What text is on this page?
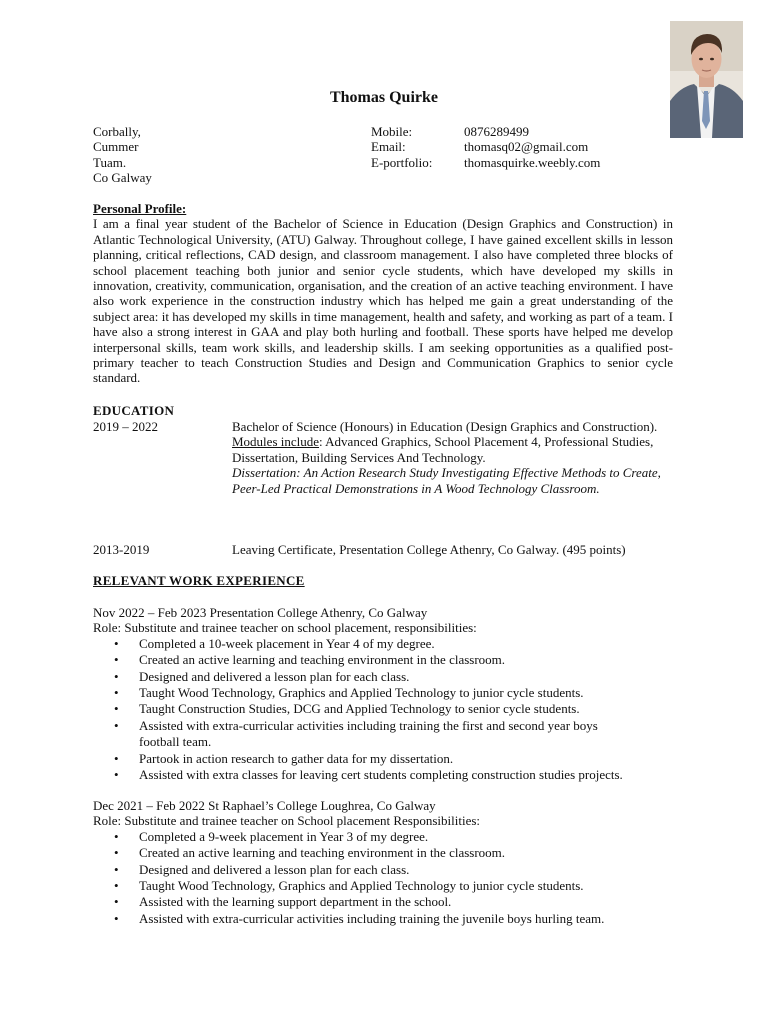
Thomas Quirke
Corbally,
Cummer
Tuam.
Co Galway
Mobile:
Email:
E-portfolio:
0876289499
thomasq02@gmail.com
thomasquirke.weebly.com
Personal Profile:
I am a final year student of the Bachelor of Science in Education (Design Graphics and Construction) in Atlantic Technological University, (ATU) Galway. Throughout college, I have gained excellent skills in lesson planning, critical reflections, CAD design, and classroom management. I also have completed three blocks of school placement teaching both junior and senior cycle students, which have developed my skills in innovation, creativity, communication, organisation, and the creation of an active teaching environment. I have also work experience in the construction industry which has helped me gain a great understanding of the subject area: it has developed my skills in time management, health and safety, and working as part of a team. I have also a strong interest in GAA and play both hurling and football. These sports have helped me develop interpersonal skills, team work skills, and leadership skills. I am seeking opportunities as a qualified post-primary teacher to teach Construction Studies and Design and Communication Graphics to senior cycle standard.
EDUCATION
2019 – 2022	Bachelor of Science (Honours) in Education (Design Graphics and Construction).
Modules include: Advanced Graphics, School Placement 4, Professional Studies, Dissertation, Building Services And Technology.
Dissertation: An Action Research Study Investigating Effective Methods to Create, Peer-Led Practical Demonstrations in A Wood Technology Classroom.
2013-2019	Leaving Certificate, Presentation College Athenry, Co Galway. (495 points)
RELEVANT WORK EXPERIENCE
Nov 2022 – Feb 2023 Presentation College Athenry, Co Galway
Role: Substitute and trainee teacher on school placement, responsibilities:
• Completed a 10-week placement in Year 4 of my degree.
• Created an active learning and teaching environment in the classroom.
• Designed and delivered a lesson plan for each class.
• Taught Wood Technology, Graphics and Applied Technology to junior cycle students.
• Taught Construction Studies, DCG and Applied Technology to senior cycle students.
• Assisted with extra-curricular activities including training the first and second year boys football team.
• Partook in action research to gather data for my dissertation.
• Assisted with extra classes for leaving cert students completing construction studies projects.
Dec 2021 – Feb 2022 St Raphael’s College Loughrea, Co Galway
Role: Substitute and trainee teacher on School placement Responsibilities:
• Completed a 9-week placement in Year 3 of my degree.
• Created an active learning and teaching environment in the classroom.
• Designed and delivered a lesson plan for each class.
• Taught Wood Technology, Graphics and Applied Technology to junior cycle students.
• Assisted with the learning support department in the school.
• Assisted with extra-curricular activities including training the juvenile boys hurling team.
